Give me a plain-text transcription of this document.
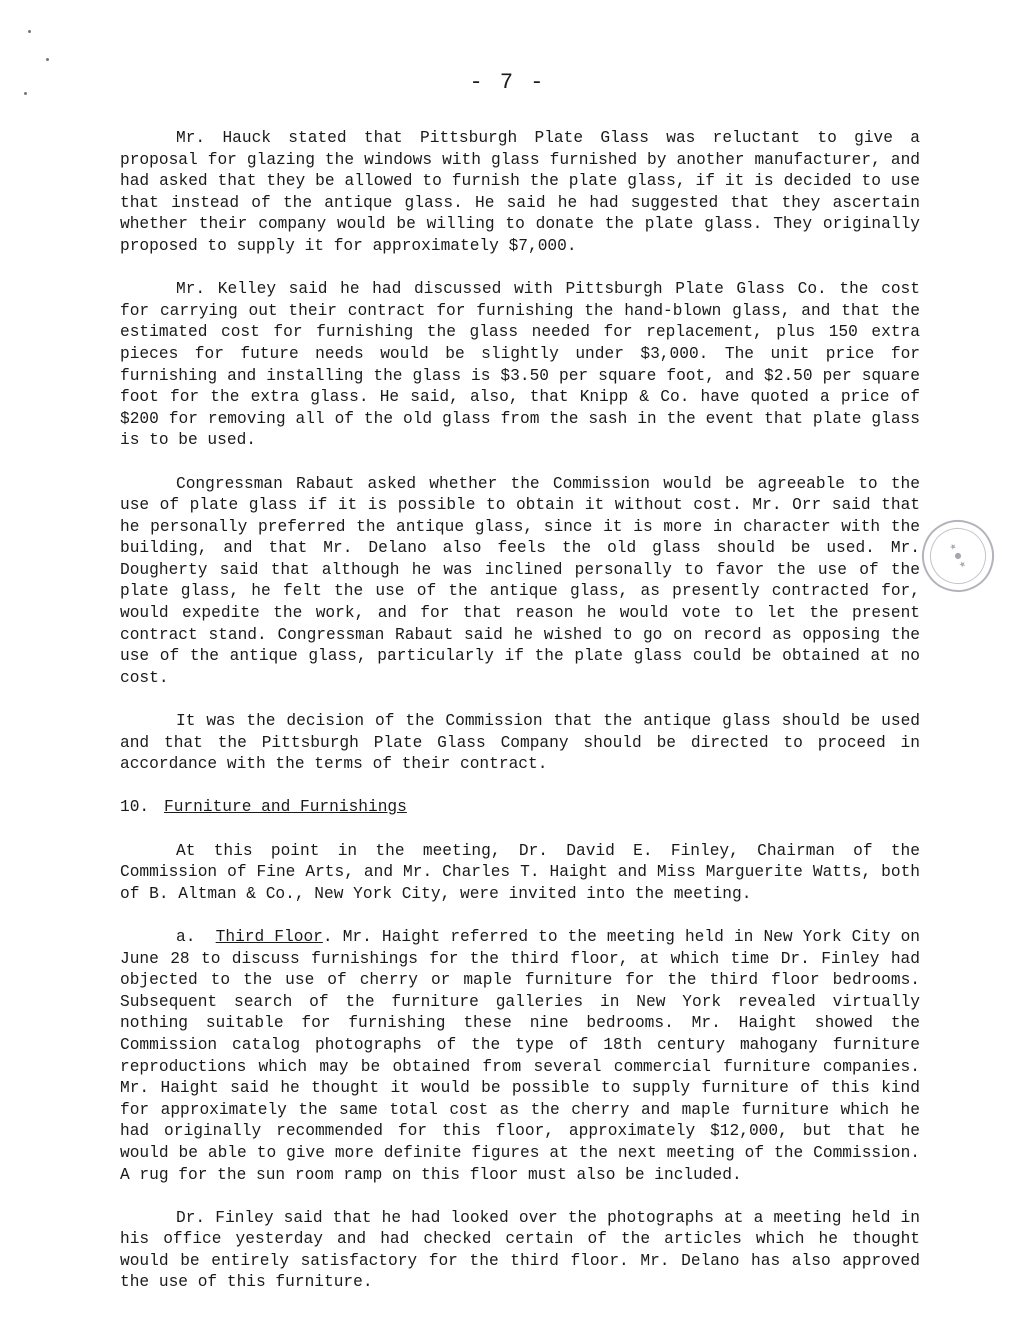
- 7 -
★
●
★

Mr. Hauck stated that Pittsburgh Plate Glass was reluctant to give a proposal for glazing the windows with glass furnished by another manufacturer, and had asked that they be allowed to furnish the plate glass, if it is decided to use that instead of the antique glass. He said he had suggested that they ascertain whether their company would be willing to donate the plate glass. They originally proposed to supply it for approximately $7,000.

Mr. Kelley said he had discussed with Pittsburgh Plate Glass Co. the cost for carrying out their contract for furnishing the hand-blown glass, and that the estimated cost for furnishing the glass needed for replacement, plus 150 extra pieces for future needs would be slightly under $3,000. The unit price for furnishing and installing the glass is $3.50 per square foot, and $2.50 per square foot for the extra glass. He said, also, that Knipp & Co. have quoted a price of $200 for removing all of the old glass from the sash in the event that plate glass is to be used.

Congressman Rabaut asked whether the Commission would be agreeable to the use of plate glass if it is possible to obtain it without cost. Mr. Orr said that he personally preferred the antique glass, since it is more in character with the building, and that Mr. Delano also feels the old glass should be used. Mr. Dougherty said that although he was inclined personally to favor the use of the plate glass, he felt the use of the antique glass, as presently contracted for, would expedite the work, and for that reason he would vote to let the present contract stand. Congressman Rabaut said he wished to go on record as opposing the use of the antique glass, particularly if the plate glass could be obtained at no cost.

It was the decision of the Commission that the antique glass should be used and that the Pittsburgh Plate Glass Company should be directed to proceed in accordance with the terms of their contract.

10. Furniture and Furnishings

At this point in the meeting, Dr. David E. Finley, Chairman of the Commission of Fine Arts, and Mr. Charles T. Haight and Miss Marguerite Watts, both of B. Altman & Co., New York City, were invited into the meeting.

a. Third Floor. Mr. Haight referred to the meeting held in New York City on June 28 to discuss furnishings for the third floor, at which time Dr. Finley had objected to the use of cherry or maple furniture for the third floor bedrooms. Subsequent search of the furniture galleries in New York revealed virtually nothing suitable for furnishing these nine bedrooms. Mr. Haight showed the Commission catalog photographs of the type of 18th century mahogany furniture reproductions which may be obtained from several commercial furniture companies. Mr. Haight said he thought it would be possible to supply furniture of this kind for approximately the same total cost as the cherry and maple furniture which he had originally recommended for this floor, approximately $12,000, but that he would be able to give more definite figures at the next meeting of the Commission. A rug for the sun room ramp on this floor must also be included.

Dr. Finley said that he had looked over the photographs at a meeting held in his office yesterday and had checked certain of the articles which he thought would be entirely satisfactory for the third floor. Mr. Delano has also approved the use of this furniture.
